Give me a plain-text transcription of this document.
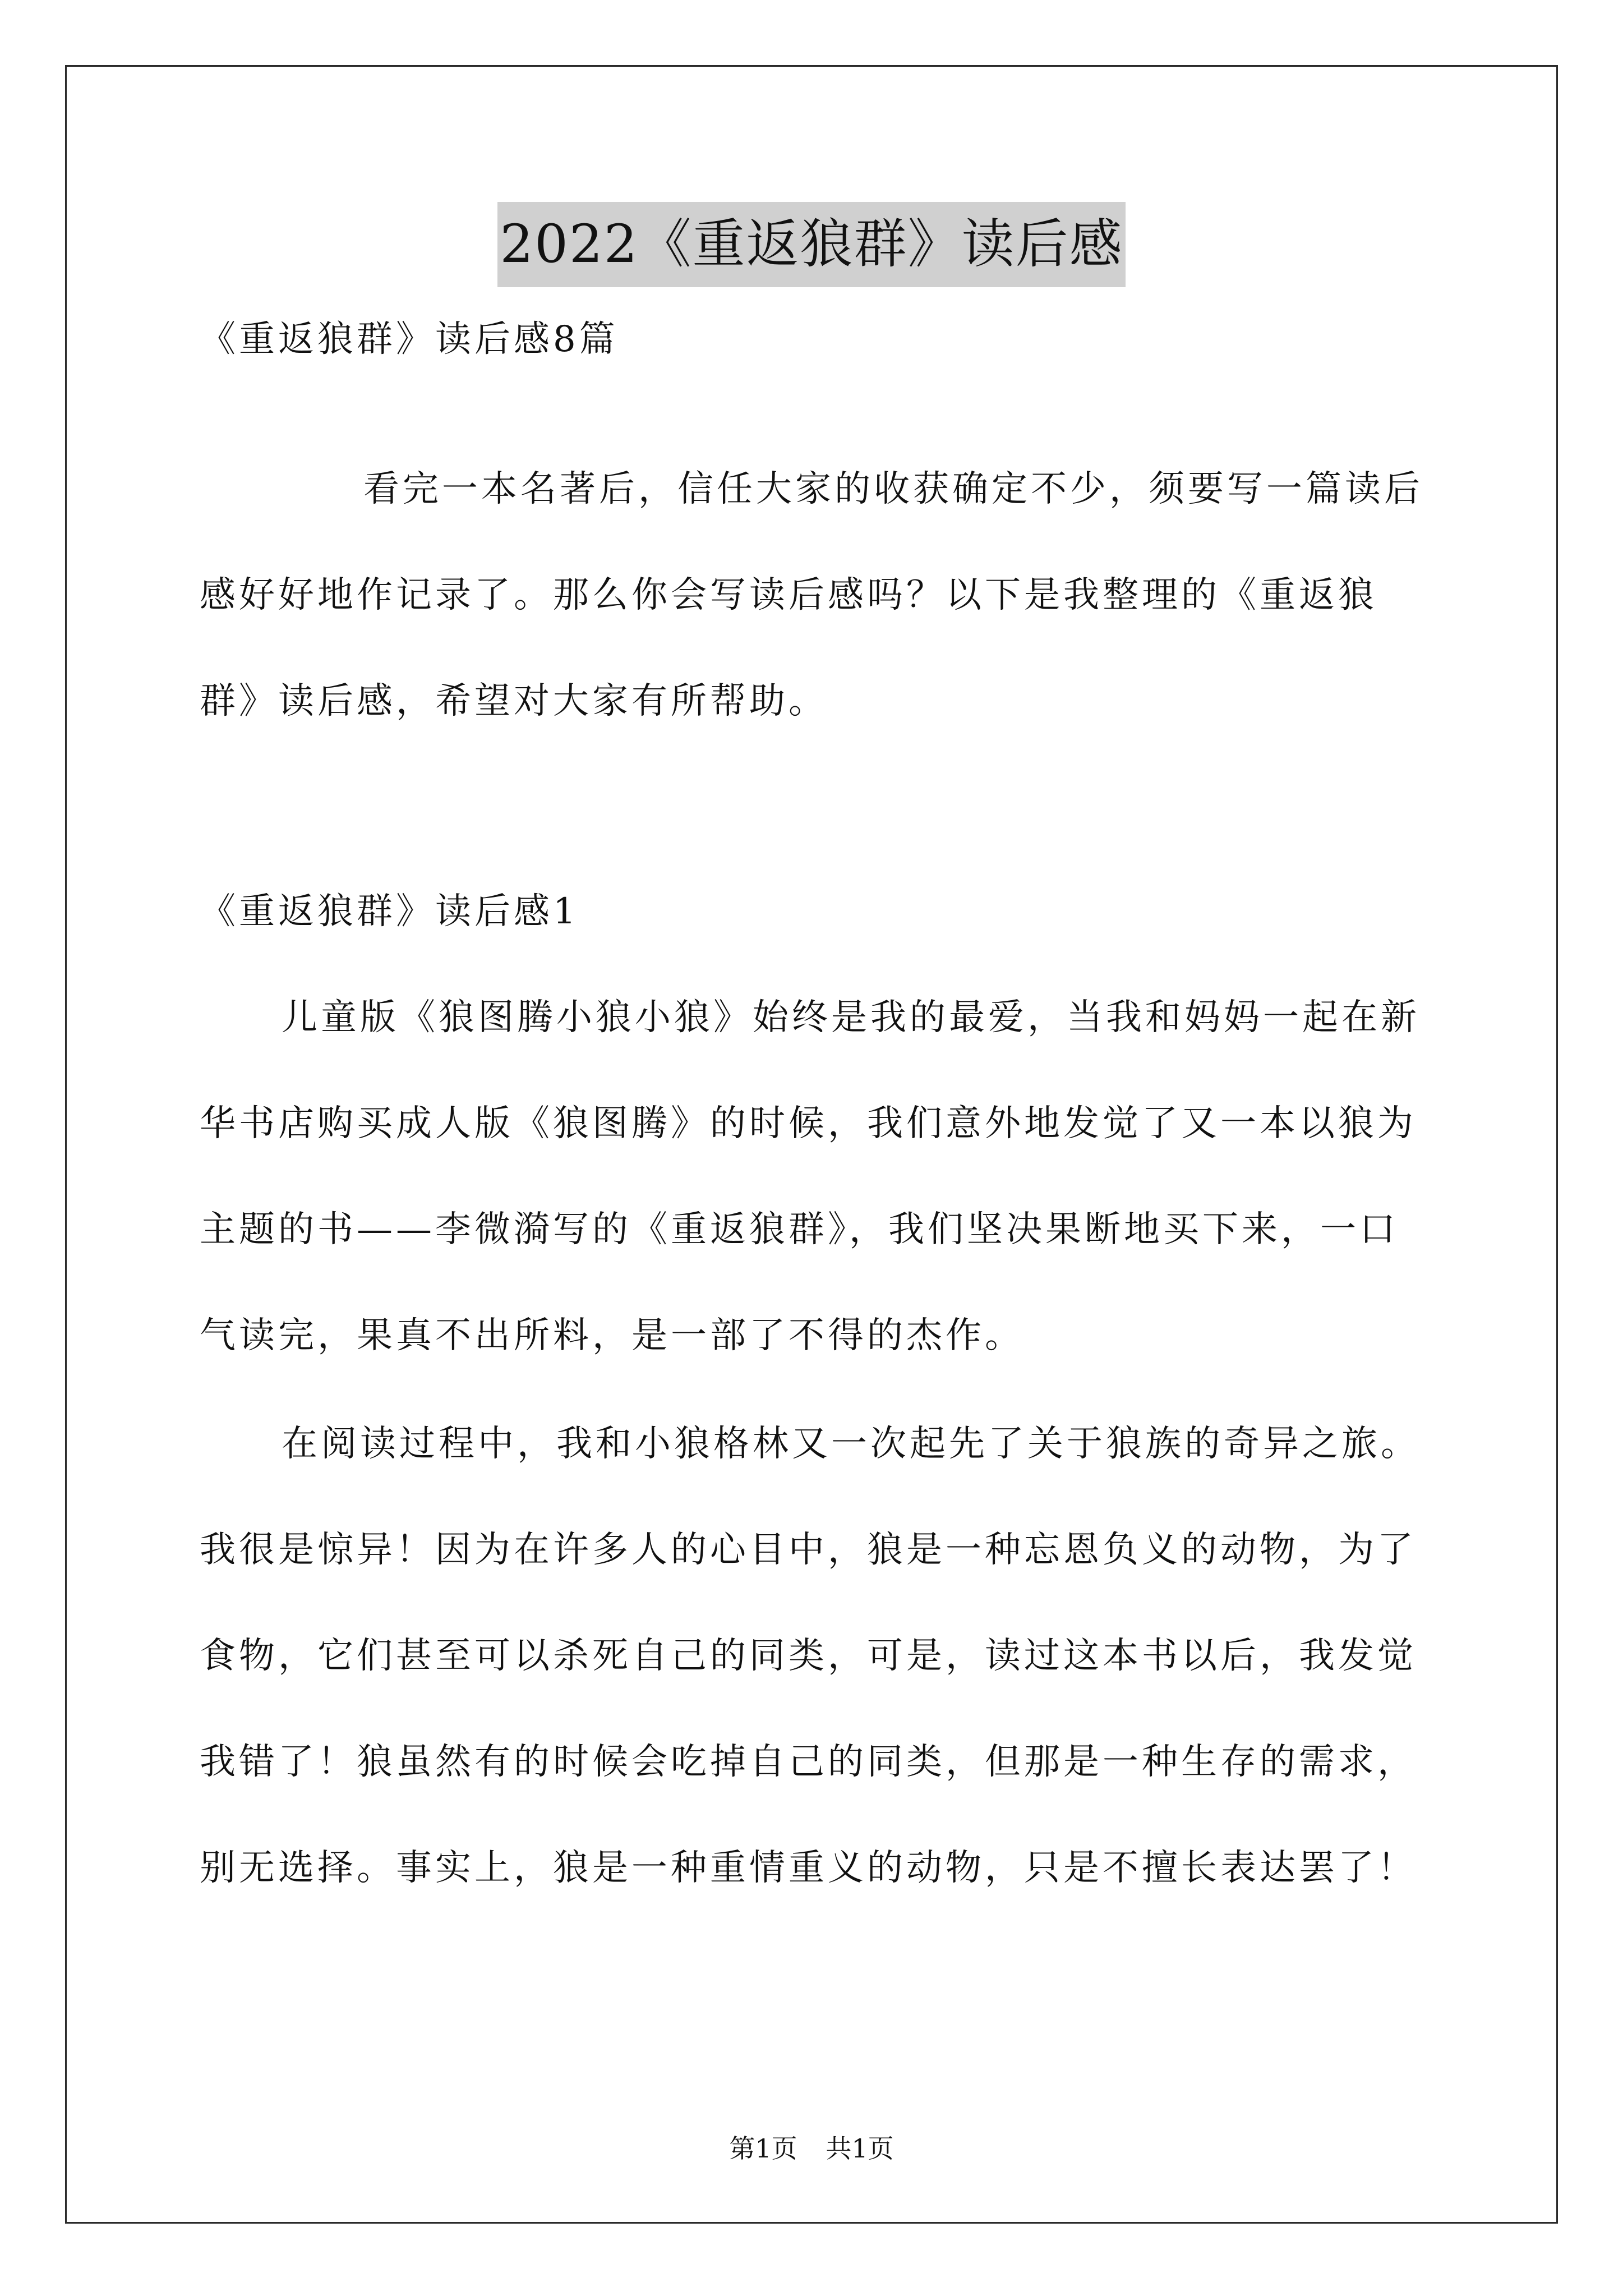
2022《重返狼群》读后感
《重返狼群》读后感8篇
看完一本名著后，信任大家的收获确定不少，须要写一篇读后感好好地作记录了。那么你会写读后感吗？以下是我整理的《重返狼群》读后感，希望对大家有所帮助。
《重返狼群》读后感1
儿童版《狼图腾小狼小狼》始终是我的最爱，当我和妈妈一起在新华书店购买成人版《狼图腾》的时候，我们意外地发觉了又一本以狼为主题的书——李微漪写的《重返狼群》，我们坚决果断地买下来，一口气读完，果真不出所料，是一部了不得的杰作。
在阅读过程中，我和小狼格林又一次起先了关于狼族的奇异之旅。我很是惊异！因为在许多人的心目中，狼是一种忘恩负义的动物，为了食物，它们甚至可以杀死自己的同类，可是，读过这本书以后，我发觉我错了！狼虽然有的时候会吃掉自己的同类，但那是一种生存的需求，别无选择。事实上，狼是一种重情重义的动物，只是不擅长表达罢了！
第1页 共1页
